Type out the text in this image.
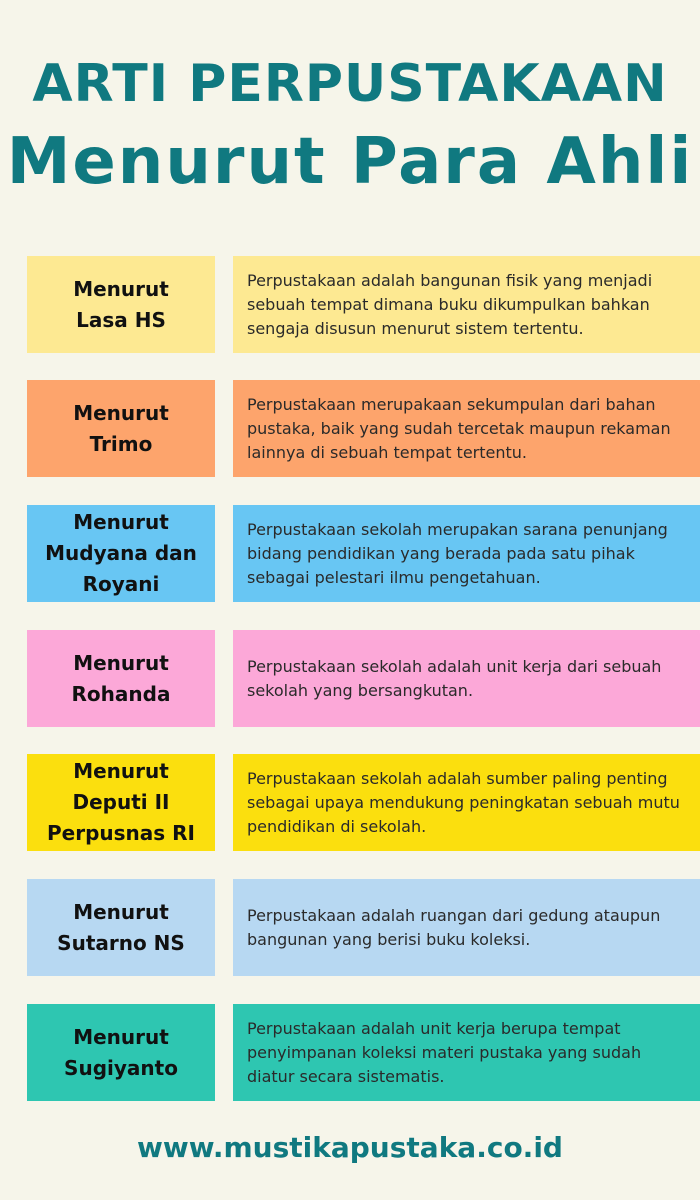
ARTI PERPUSTAKAAN
Menurut Para Ahli
Menurut
Lasa HS
Perpustakaan adalah bangunan fisik yang menjadi sebuah tempat dimana buku dikumpulkan bahkan sengaja disusun menurut sistem tertentu.
Menurut
Trimo
Perpustakaan merupakaan sekumpulan dari bahan pustaka, baik yang sudah tercetak maupun rekaman lainnya di sebuah tempat tertentu.
Menurut
Mudyana dan
Royani
Perpustakaan sekolah merupakan sarana penunjang bidang pendidikan yang berada pada satu pihak sebagai pelestari ilmu pengetahuan.
Menurut
Rohanda
Perpustakaan sekolah adalah unit kerja dari sebuah sekolah yang bersangkutan.
Menurut
Deputi II
Perpusnas RI
Perpustakaan sekolah adalah sumber paling penting sebagai upaya mendukung peningkatan sebuah mutu pendidikan di sekolah.
Menurut
Sutarno NS
Perpustakaan adalah ruangan dari gedung ataupun bangunan yang berisi buku koleksi.
Menurut
Sugiyanto
Perpustakaan adalah unit kerja berupa tempat penyimpanan koleksi materi pustaka yang sudah diatur secara sistematis.
www.mustikapustaka.co.id
